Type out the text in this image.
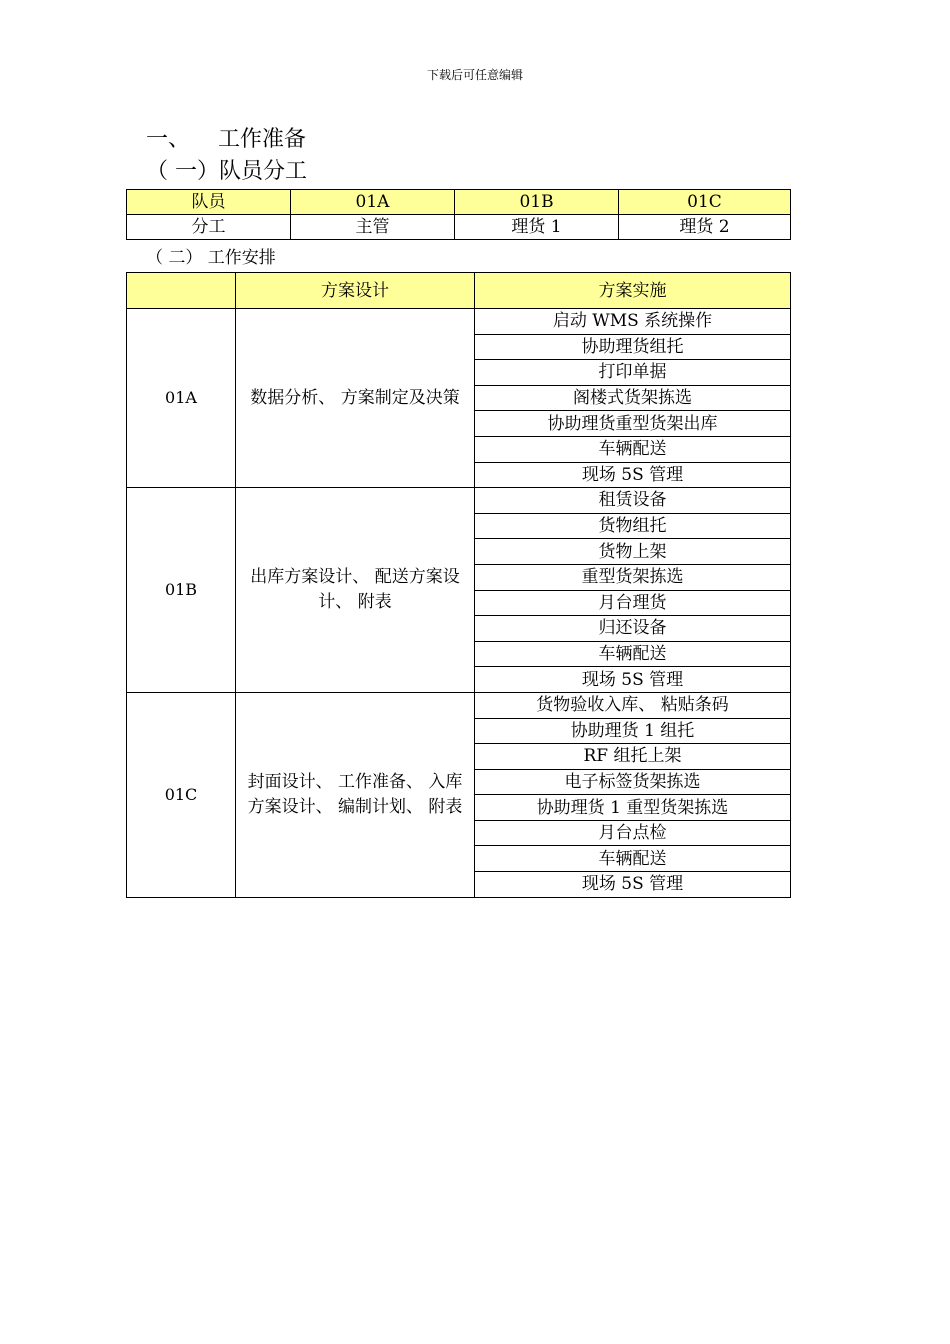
下载后可任意编辑
一、 工作准备
（ 一）队员分工
队员	01A	01B	01C
分工	主管	理货 1	理货 2
（ 二） 工作安排
	方案设计	方案实施
01A	数据分析、 方案制定及决策	启动 WMS 系统操作
		协助理货组托
		打印单据
		阁楼式货架拣选
		协助理货重型货架出库
		车辆配送
		现场 5S 管理
01B	出库方案设计、 配送方案设计、 附表	租赁设备
		货物组托
		货物上架
		重型货架拣选
		月台理货
		归还设备
		车辆配送
		现场 5S 管理
01C	封面设计、 工作准备、 入库方案设计、 编制计划、 附表	货物验收入库、 粘贴条码
		协助理货 1 组托
		RF 组托上架
		电子标签货架拣选
		协助理货 1 重型货架拣选
		月台点检
		车辆配送
		现场 5S 管理
